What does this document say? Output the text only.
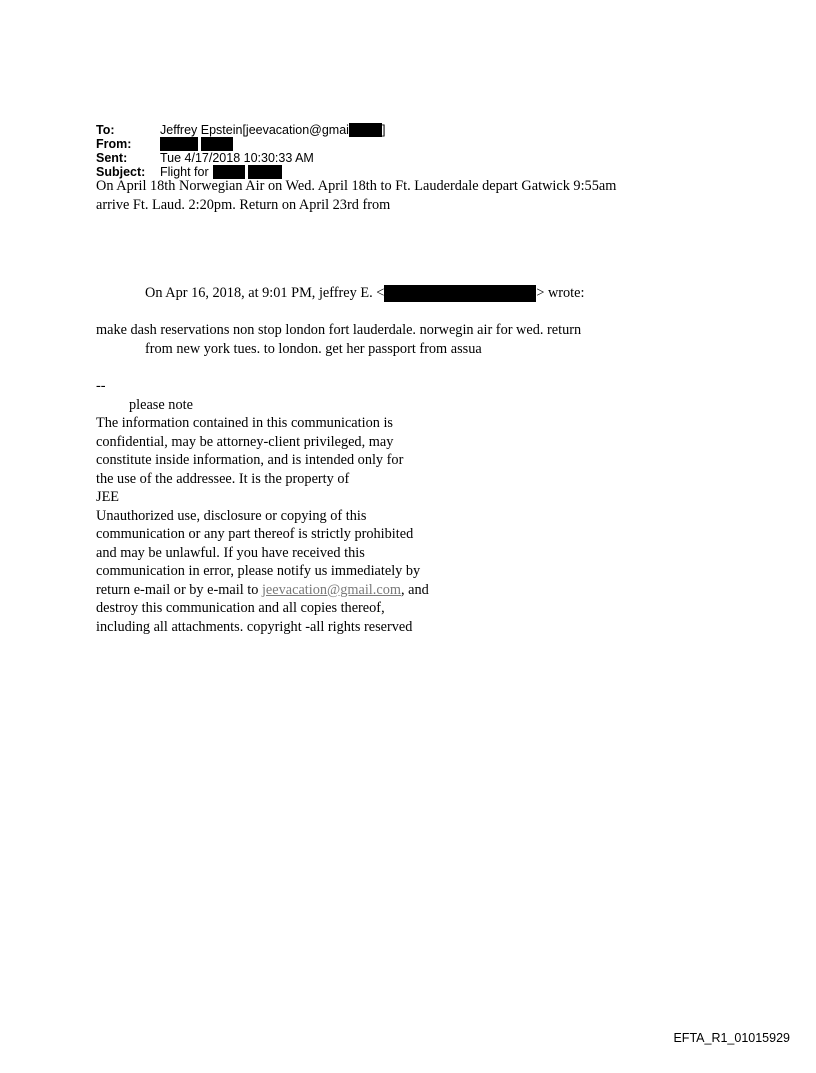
To:	Jeffrey Epstein[jeevacation@gmai	]
From:
Sent:	Tue 4/17/2018 10:30:33 AM
Subject:	Flight for
On April 18th Norwegian Air on Wed. April 18th to Ft. Lauderdale depart Gatwick 9:55am
arrive Ft. Laud. 2:20pm. Return on April 23rd from
On Apr 16, 2018, at 9:01 PM, jeffrey E. <	> wrote:
make dash reservations non stop london fort lauderdale. norwegin air for wed. return
from new york tues. to london. get her passport from assua
--
please note
The information contained in this communication is
confidential, may be attorney-client privileged, may
constitute inside information, and is intended only for
the use of the addressee. It is the property of
JEE
Unauthorized use, disclosure or copying of this
communication or any part thereof is strictly prohibited
and may be unlawful. If you have received this
communication in error, please notify us immediately by
return e-mail or by e-mail to jeevacation@gmail.com, and
destroy this communication and all copies thereof,
including all attachments. copyright -all rights reserved
EFTA_R1_01015929
